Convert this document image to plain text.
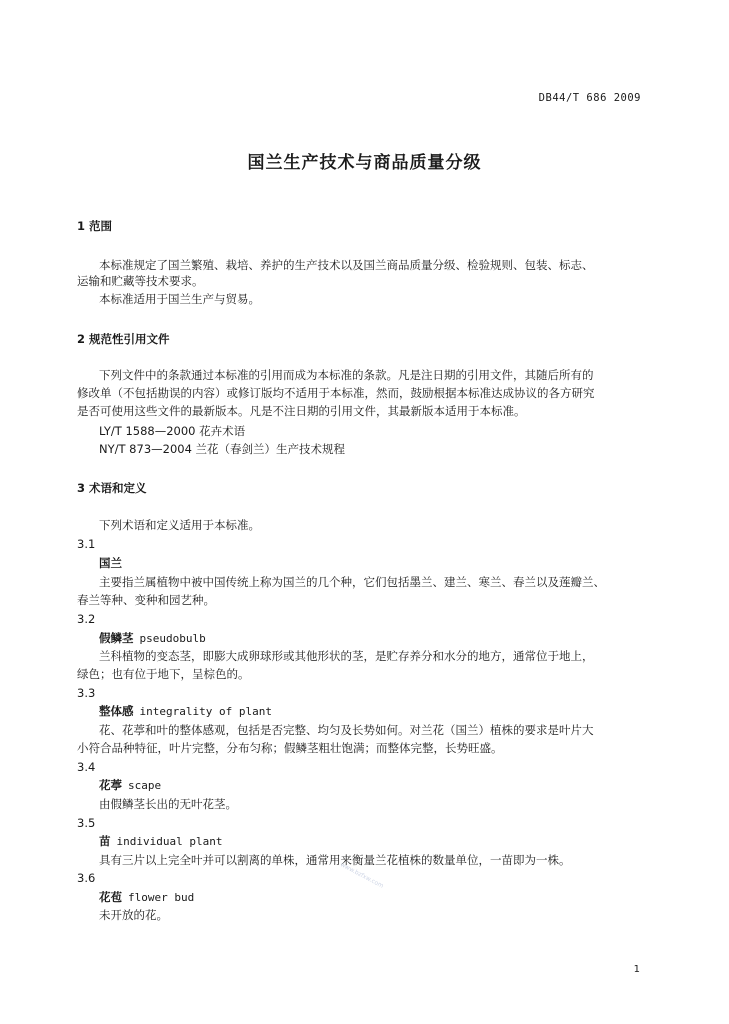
DB44/T 686 2009
国兰生产技术与商品质量分级
1 范围
本标准规定了国兰繁殖、栽培、养护的生产技术以及国兰商品质量分级、检验规则、包装、标志、
运输和贮藏等技术要求。
本标准适用于国兰生产与贸易。
2 规范性引用文件
下列文件中的条款通过本标准的引用而成为本标准的条款。凡是注日期的引用文件，其随后所有的
修改单（不包括勘误的内容）或修订版均不适用于本标准，然而，鼓励根据本标准达成协议的各方研究
是否可使用这些文件的最新版本。凡是不注日期的引用文件，其最新版本适用于本标准。
LY/T 1588—2000 花卉术语
NY/T 873—2004 兰花（春剑兰）生产技术规程
3 术语和定义
下列术语和定义适用于本标准。
3.1
国兰
主要指兰属植物中被中国传统上称为国兰的几个种，它们包括墨兰、建兰、寒兰、春兰以及莲瓣兰、
春兰等种、变种和园艺种。
3.2
假鳞茎 pseudobulb
兰科植物的变态茎，即膨大成卵球形或其他形状的茎，是贮存养分和水分的地方，通常位于地上，
绿色；也有位于地下，呈棕色的。
3.3
整体感 integrality of plant
花、花葶和叶的整体感观，包括是否完整、均匀及长势如何。对兰花（国兰）植株的要求是叶片大
小符合品种特征，叶片完整，分布匀称；假鳞茎粗壮饱满；而整体完整，长势旺盛。
3.4
花葶 scape
由假鳞茎长出的无叶花茎。
3.5
苗 individual plant
具有三片以上完全叶并可以割离的单株，通常用来衡量兰花植株的数量单位，一苗即为一株。
3.6
花苞 flower bud
未开放的花。
www.bzfxw.com
1
